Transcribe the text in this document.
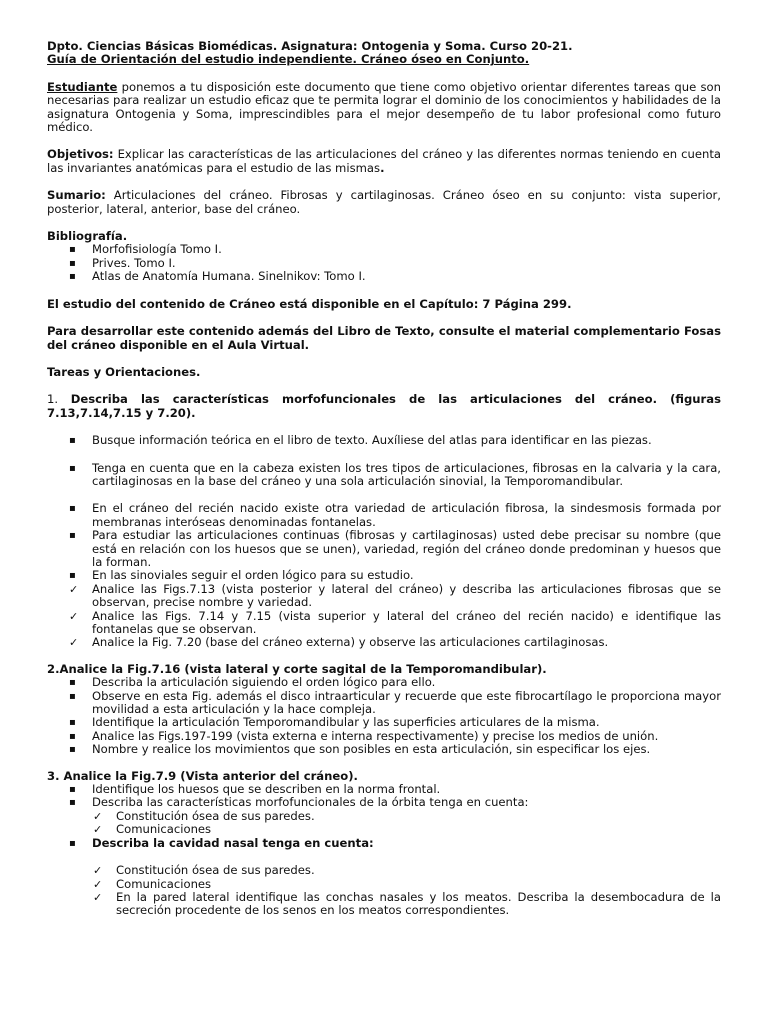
Dpto. Ciencias Básicas Biomédicas. Asignatura: Ontogenia y Soma. Curso 20-21.

Guía de Orientación del estudio independiente. Cráneo óseo en Conjunto.

Estudiante ponemos a tu disposición este documento que tiene como objetivo orientar diferentes tareas que son necesarias para realizar un estudio eficaz que te permita lograr el dominio de los conocimientos y habilidades de la asignatura Ontogenia y Soma, imprescindibles para el mejor desempeño de tu labor profesional como futuro médico.

Objetivos: Explicar las características de las articulaciones del cráneo y las diferentes normas teniendo en cuenta las invariantes anatómicas para el estudio de las mismas.

Sumario: Articulaciones del cráneo. Fibrosas y cartilaginosas. Cráneo óseo en su conjunto: vista superior, posterior, lateral, anterior, base del cráneo.

Bibliografía.

▪
Morfofisiología Tomo I.
▪
Prives. Tomo I.
▪
Atlas de Anatomía Humana. Sinelnikov: Tomo I.

El estudio del contenido de Cráneo está disponible en el Capítulo: 7 Página 299.

Para desarrollar este contenido además del Libro de Texto, consulte el material complementario Fosas del cráneo disponible en el Aula Virtual.

Tareas y Orientaciones.

1. Describa las características morfofuncionales de las articulaciones del cráneo. (figuras 7.13,7.14,7.15 y 7.20).

▪
Busque información teórica en el libro de texto. Auxíliese del atlas para identificar en las piezas.
▪
Tenga en cuenta que en la cabeza existen los tres tipos de articulaciones, fibrosas en la calvaria y la cara, cartilaginosas en la base del cráneo y una sola articulación sinovial, la Temporomandibular.
▪
En el cráneo del recién nacido existe otra variedad de articulación fibrosa, la sindesmosis formada por membranas interóseas denominadas fontanelas.
▪
Para estudiar las articulaciones continuas (fibrosas y cartilaginosas) usted debe precisar su nombre (que está en relación con los huesos que se unen), variedad, región del cráneo donde predominan y huesos que la forman.
▪
En las sinoviales seguir el orden lógico para su estudio.
✓
Analice las Figs.7.13 (vista posterior y lateral del cráneo) y describa las articulaciones fibrosas que se observan, precise nombre y variedad.
✓
Analice las Figs. 7.14 y 7.15 (vista superior y lateral del cráneo del recién nacido) e identifique las fontanelas que se observan.
✓
Analice la Fig. 7.20 (base del cráneo externa) y observe las articulaciones cartilaginosas.

2.Analice la Fig.7.16 (vista lateral y corte sagital de la Temporomandibular).

▪
Describa la articulación siguiendo el orden lógico para ello.
▪
Observe en esta Fig. además el disco intraarticular y recuerde que este fibrocartílago le proporciona mayor movilidad a esta articulación y la hace compleja.
▪
Identifique la articulación Temporomandibular y las superficies articulares de la misma.
▪
Analice las Figs.197-199 (vista externa e interna respectivamente) y precise los medios de unión.
▪
Nombre y realice los movimientos que son posibles en esta articulación, sin especificar los ejes.

3. Analice la Fig.7.9 (Vista anterior del cráneo).

▪
Identifique los huesos que se describen en la norma frontal.
▪
Describa las características morfofuncionales de la órbita tenga en cuenta:
✓
Constitución ósea de sus paredes.
✓
Comunicaciones
▪
Describa la cavidad nasal tenga en cuenta:
✓
Constitución ósea de sus paredes.
✓
Comunicaciones
✓
En la pared lateral identifique las conchas nasales y los meatos. Describa la desembocadura de la secreción procedente de los senos en los meatos correspondientes.
